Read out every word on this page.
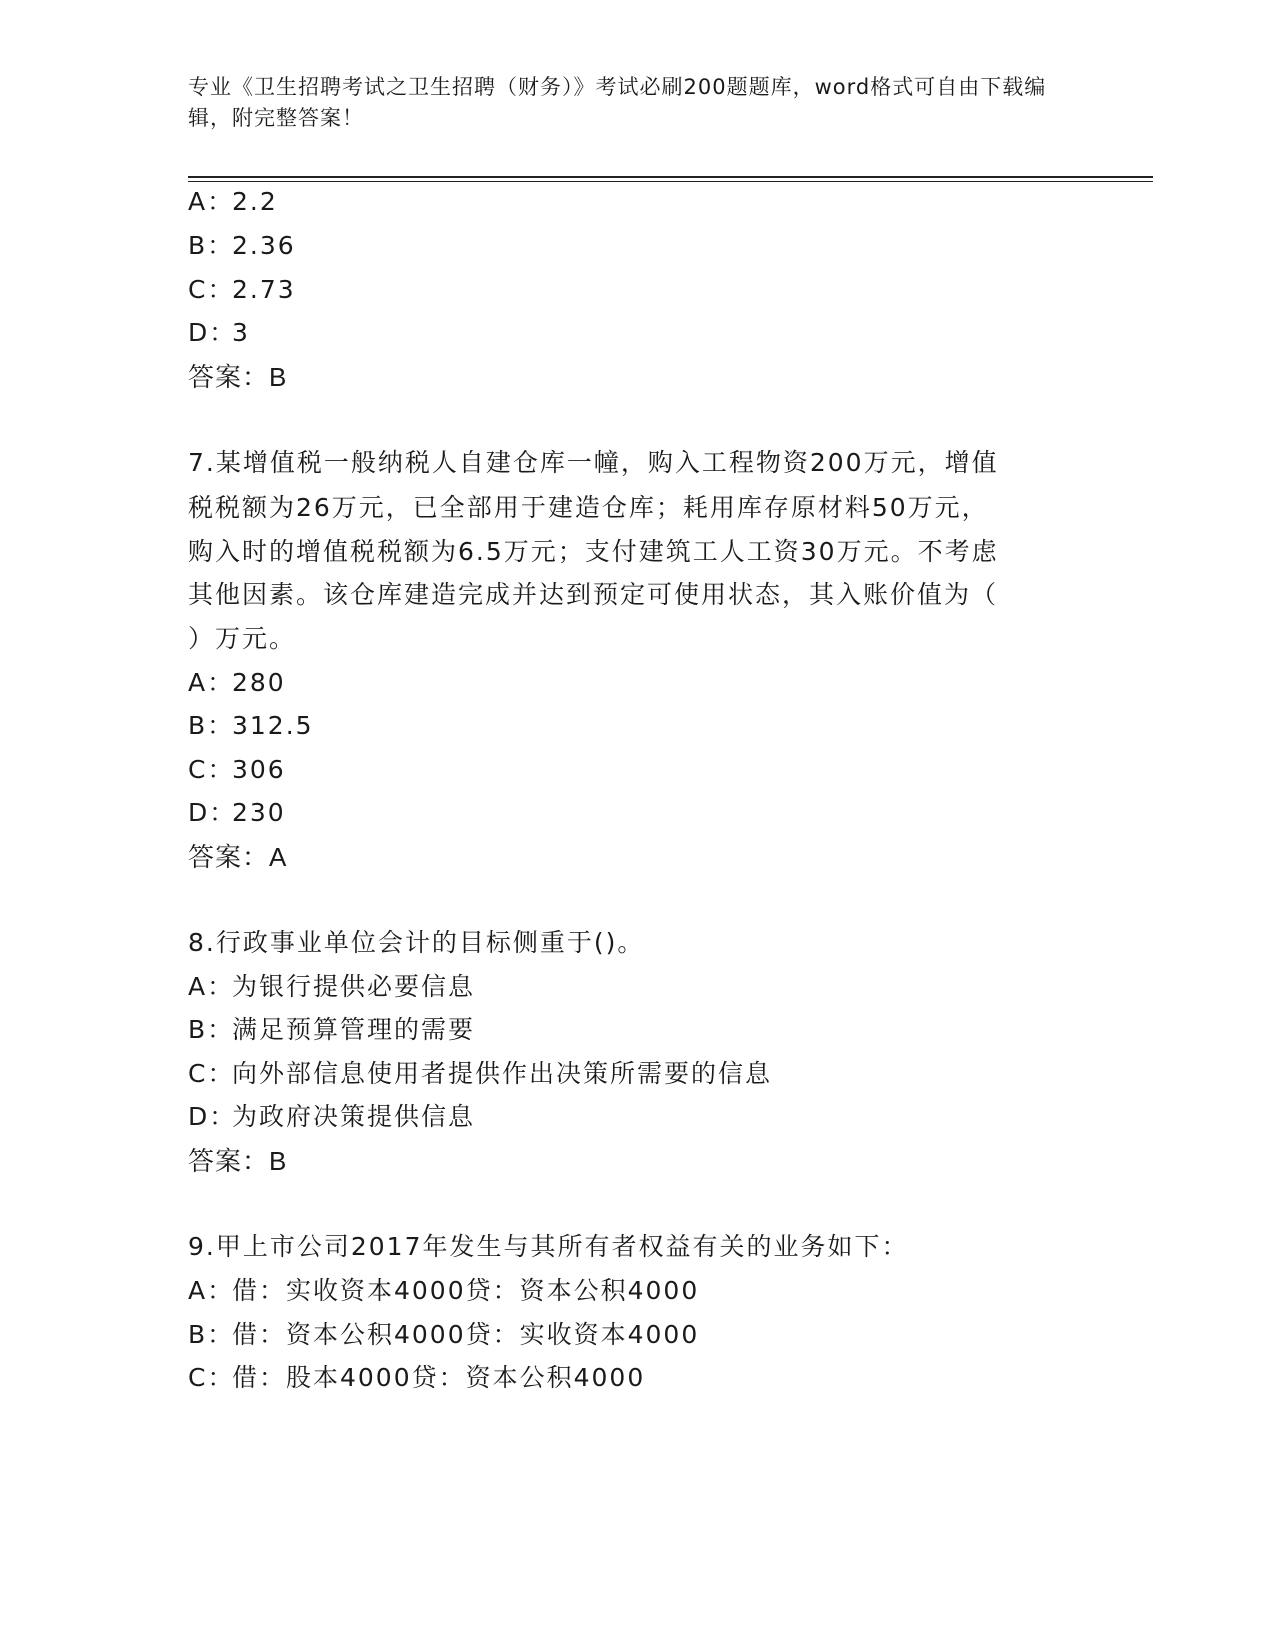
专业《卫生招聘考试之卫生招聘（财务）》考试必刷200题题库，word格式可自由下载编辑，附完整答案！
A：2.2
B：2.36
C：2.73
D：3
答案：B
7.某增值税一般纳税人自建仓库一幢，购入工程物资200万元，增值
税税额为26万元，已全部用于建造仓库；耗用库存原材料50万元，
购入时的增值税税额为6.5万元；支付建筑工人工资30万元。不考虑
其他因素。该仓库建造完成并达到预定可使用状态，其入账价值为（
）万元。
A：280
B：312.5
C：306
D：230
答案：A
8.行政事业单位会计的目标侧重于()。
A：为银行提供必要信息
B：满足预算管理的需要
C：向外部信息使用者提供作出决策所需要的信息
D：为政府决策提供信息
答案：B
9.甲上市公司2017年发生与其所有者权益有关的业务如下：
A：借：实收资本4000贷：资本公积4000
B：借：资本公积4000贷：实收资本4000
C：借：股本4000贷：资本公积4000
